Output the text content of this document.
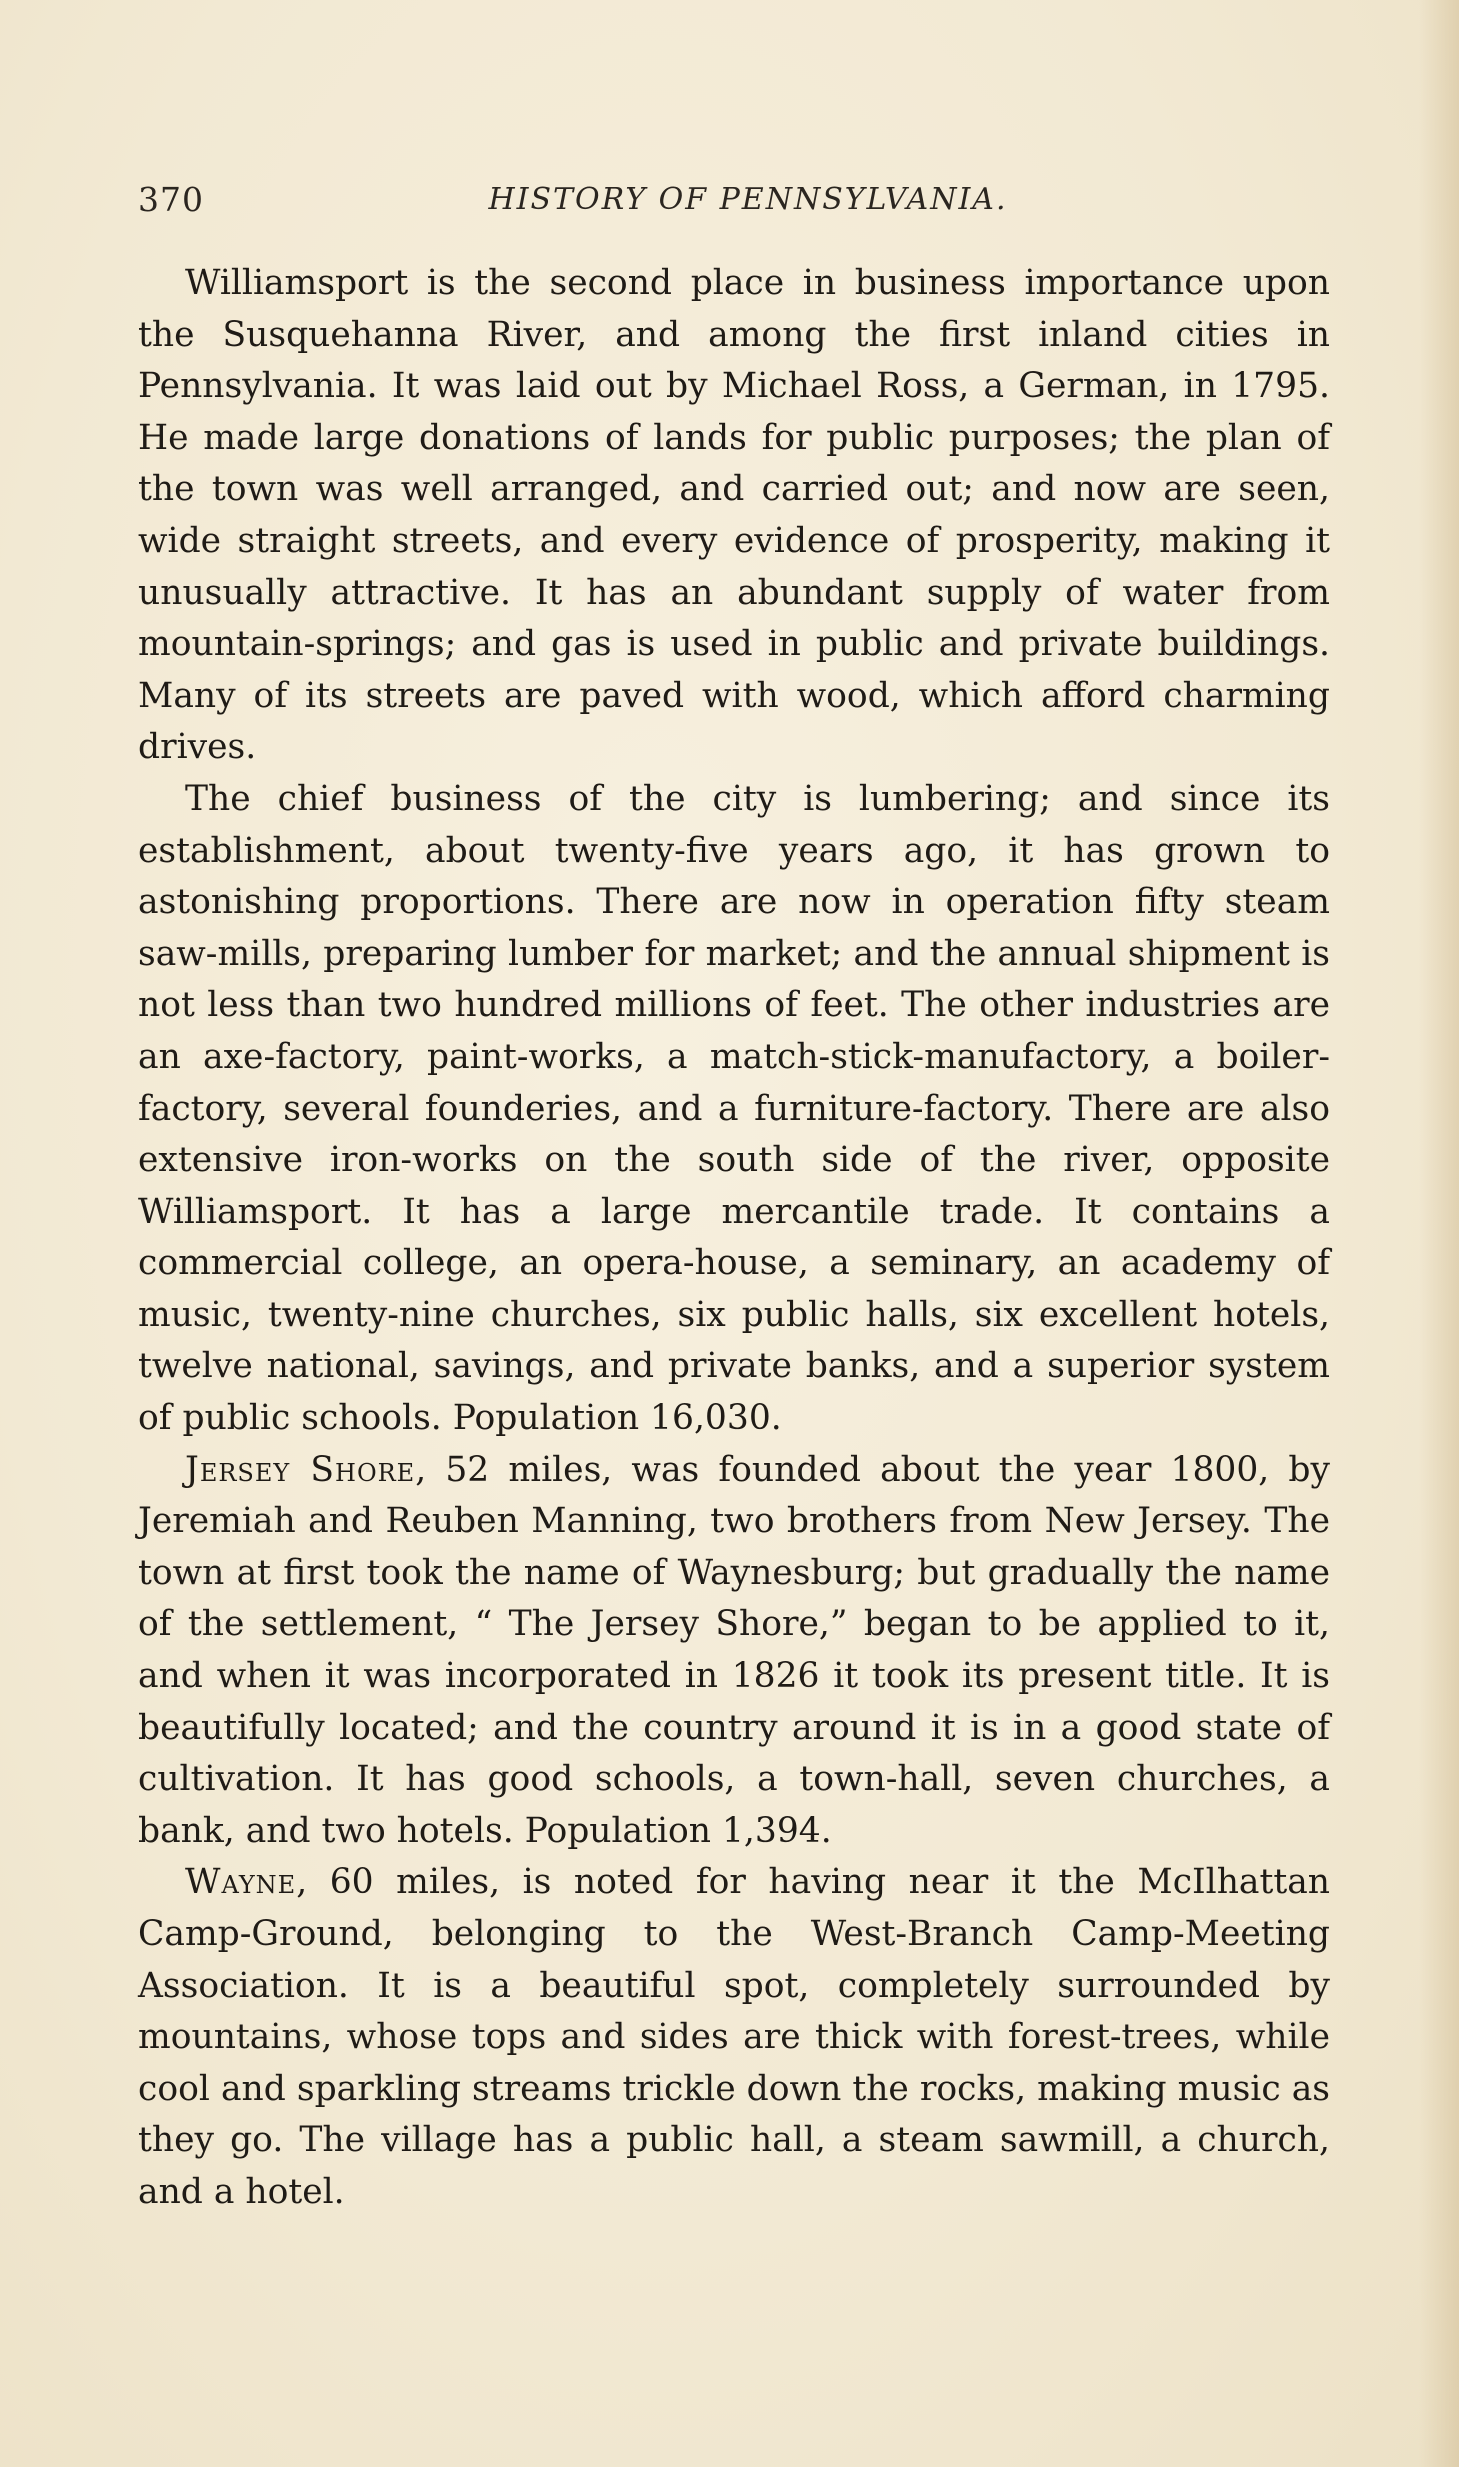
370	HISTORY OF PENNSYLVANIA.

Williamsport is the second place in business importance upon the Susquehanna River, and among the first inland cities in Pennsylvania. It was laid out by Michael Ross, a German, in 1795. He made large donations of lands for public purposes; the plan of the town was well arranged, and carried out; and now are seen, wide straight streets, and every evidence of prosperity, making it unusually attractive. It has an abundant supply of water from mountain-springs; and gas is used in public and private buildings. Many of its streets are paved with wood, which afford charming drives.

The chief business of the city is lumbering; and since its establishment, about twenty-five years ago, it has grown to astonishing proportions. There are now in operation fifty steam saw-mills, preparing lumber for market; and the annual shipment is not less than two hundred millions of feet. The other industries are an axe-factory, paint-works, a match-stick-manufactory, a boiler-factory, several founderies, and a furniture-factory. There are also extensive iron-works on the south side of the river, opposite Williamsport. It has a large mercantile trade. It contains a commercial college, an opera-house, a seminary, an academy of music, twenty-nine churches, six public halls, six excellent hotels, twelve national, savings, and private banks, and a superior system of public schools. Population 16,030.

Jersey Shore, 52 miles, was founded about the year 1800, by Jeremiah and Reuben Manning, two brothers from New Jersey. The town at first took the name of Waynesburg; but gradually the name of the settlement, “ The Jersey Shore,” began to be applied to it, and when it was incorporated in 1826 it took its present title. It is beautifully located; and the country around it is in a good state of cultivation. It has good schools, a town-hall, seven churches, a bank, and two hotels. Population 1,394.

Wayne, 60 miles, is noted for having near it the McIlhattan Camp-Ground, belonging to the West-Branch Camp-Meeting Association. It is a beautiful spot, completely surrounded by mountains, whose tops and sides are thick with forest-trees, while cool and sparkling streams trickle down the rocks, making music as they go. The village has a public hall, a steam sawmill, a church, and a hotel.
